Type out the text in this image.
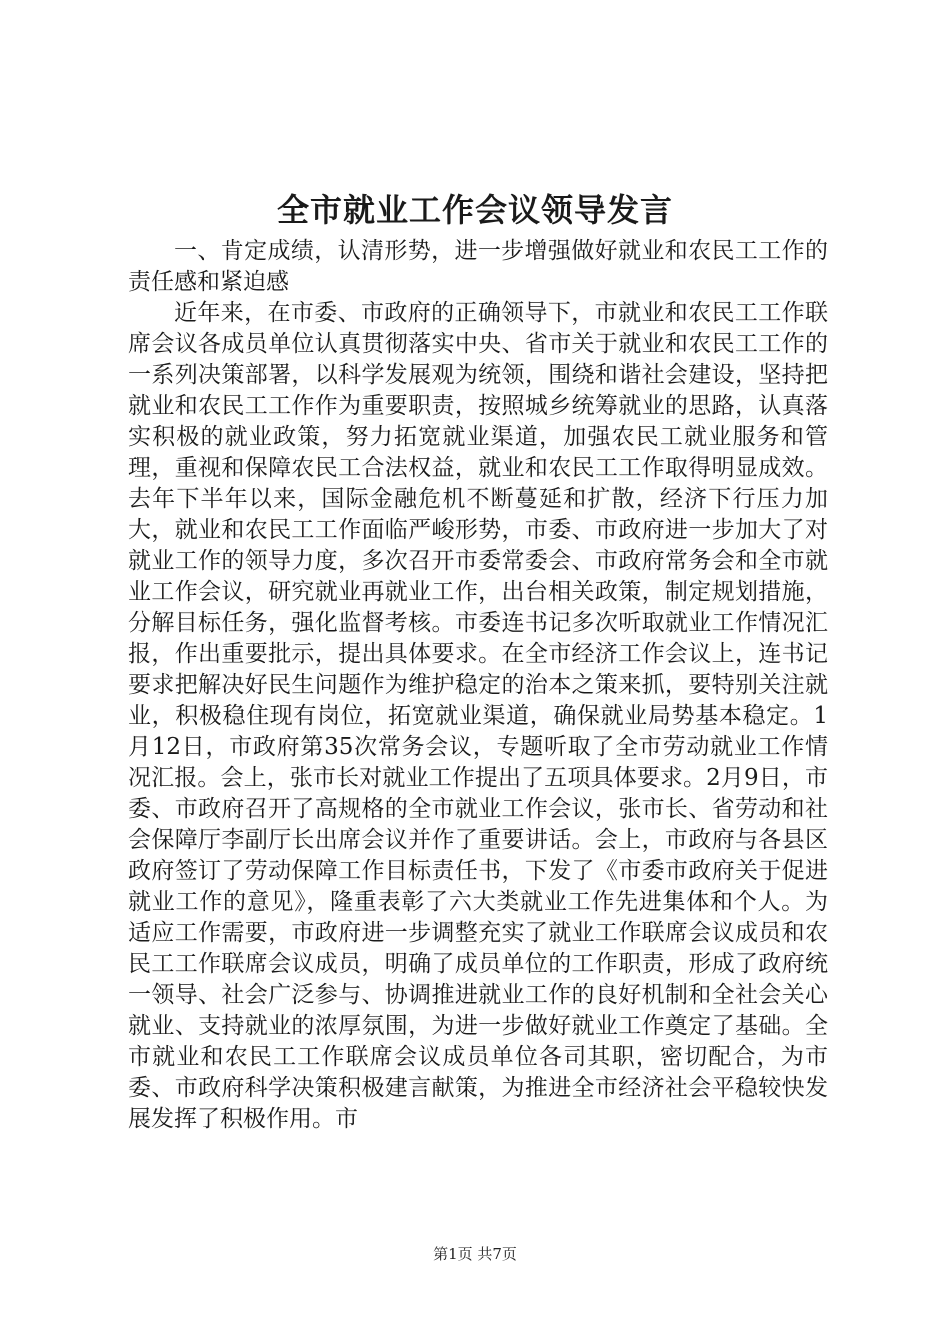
全市就业工作会议领导发言

一、肯定成绩，认清形势，进一步增强做好就业和农民工工作的责任感和紧迫感

近年来，在市委、市政府的正确领导下，市就业和农民工工作联席会议各成员单位认真贯彻落实中央、省市关于就业和农民工工作的一系列决策部署，以科学发展观为统领，围绕和谐社会建设，坚持把就业和农民工工作作为重要职责，按照城乡统筹就业的思路，认真落实积极的就业政策，努力拓宽就业渠道，加强农民工就业服务和管理，重视和保障农民工合法权益，就业和农民工工作取得明显成效。去年下半年以来，国际金融危机不断蔓延和扩散，经济下行压力加大，就业和农民工工作面临严峻形势，市委、市政府进一步加大了对就业工作的领导力度，多次召开市委常委会、市政府常务会和全市就业工作会议，研究就业再就业工作，出台相关政策，制定规划措施，分解目标任务，强化监督考核。市委连书记多次听取就业工作情况汇报，作出重要批示，提出具体要求。在全市经济工作会议上，连书记要求把解决好民生问题作为维护稳定的治本之策来抓，要特别关注就业，积极稳住现有岗位，拓宽就业渠道，确保就业局势基本稳定。1月12日，市政府第35次常务会议，专题听取了全市劳动就业工作情况汇报。会上，张市长对就业工作提出了五项具体要求。2月9日，市委、市政府召开了高规格的全市就业工作会议，张市长、省劳动和社会保障厅李副厅长出席会议并作了重要讲话。会上，市政府与各县区政府签订了劳动保障工作目标责任书，下发了《市委市政府关于促进就业工作的意见》，隆重表彰了六大类就业工作先进集体和个人。为适应工作需要，市政府进一步调整充实了就业工作联席会议成员和农民工工作联席会议成员，明确了成员单位的工作职责，形成了政府统一领导、社会广泛参与、协调推进就业工作的良好机制和全社会关心就业、支持就业的浓厚氛围，为进一步做好就业工作奠定了基础。全市就业和农民工工作联席会议成员单位各司其职，密切配合，为市委、市政府科学决策积极建言献策，为推进全市经济社会平稳较快发展发挥了积极作用。市

第1页 共7页
